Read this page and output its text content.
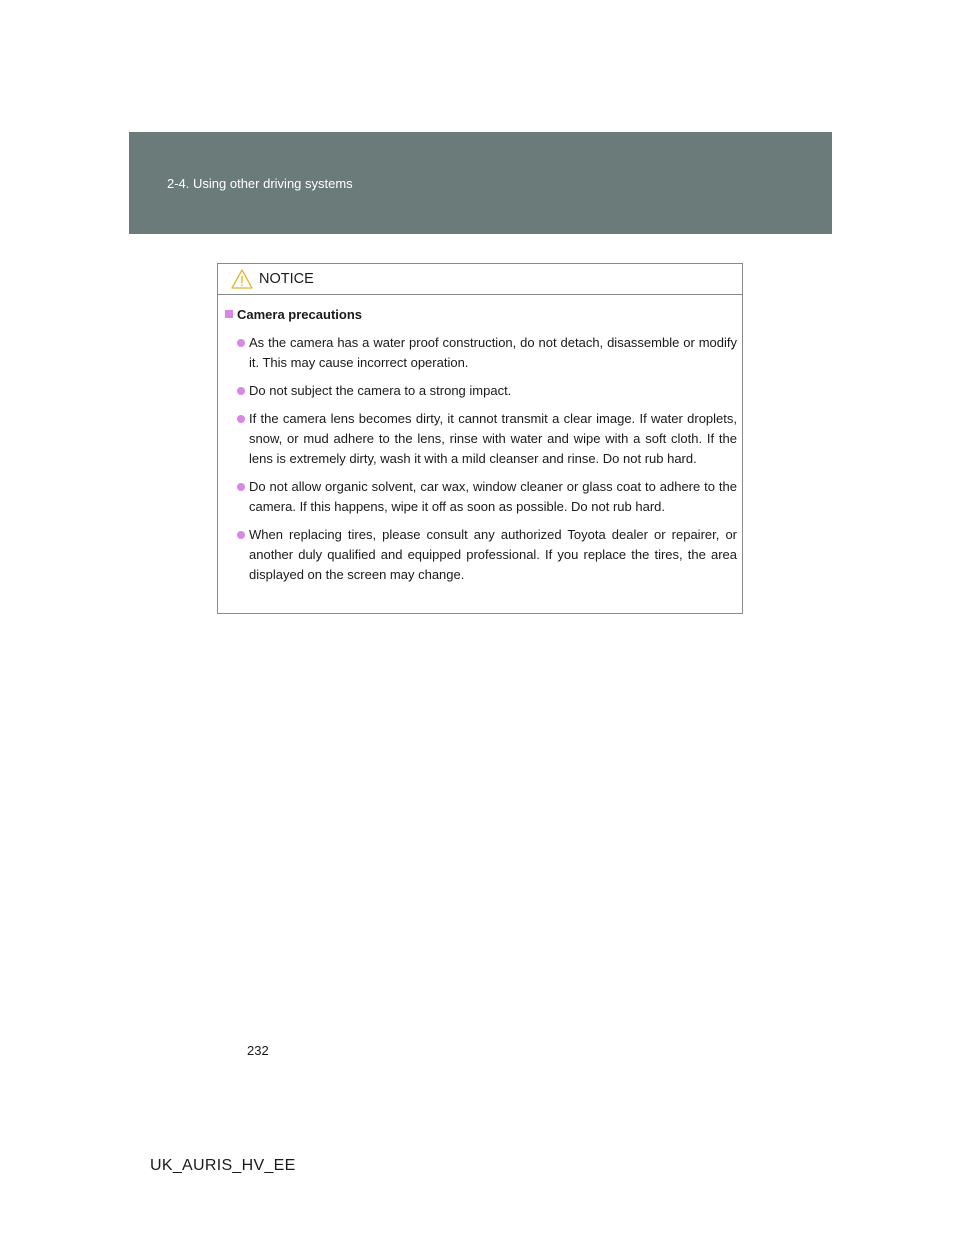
2-4. Using other driving systems
NOTICE
Camera precautions
As the camera has a water proof construction, do not detach, disassemble or modify it. This may cause incorrect operation.
Do not subject the camera to a strong impact.
If the camera lens becomes dirty, it cannot transmit a clear image. If water droplets, snow, or mud adhere to the lens, rinse with water and wipe with a soft cloth. If the lens is extremely dirty, wash it with a mild cleanser and rinse. Do not rub hard.
Do not allow organic solvent, car wax, window cleaner or glass coat to adhere to the camera. If this happens, wipe it off as soon as possible. Do not rub hard.
When replacing tires, please consult any authorized Toyota dealer or repairer, or another duly qualified and equipped professional. If you replace the tires, the area displayed on the screen may change.
232
UK_AURIS_HV_EE
